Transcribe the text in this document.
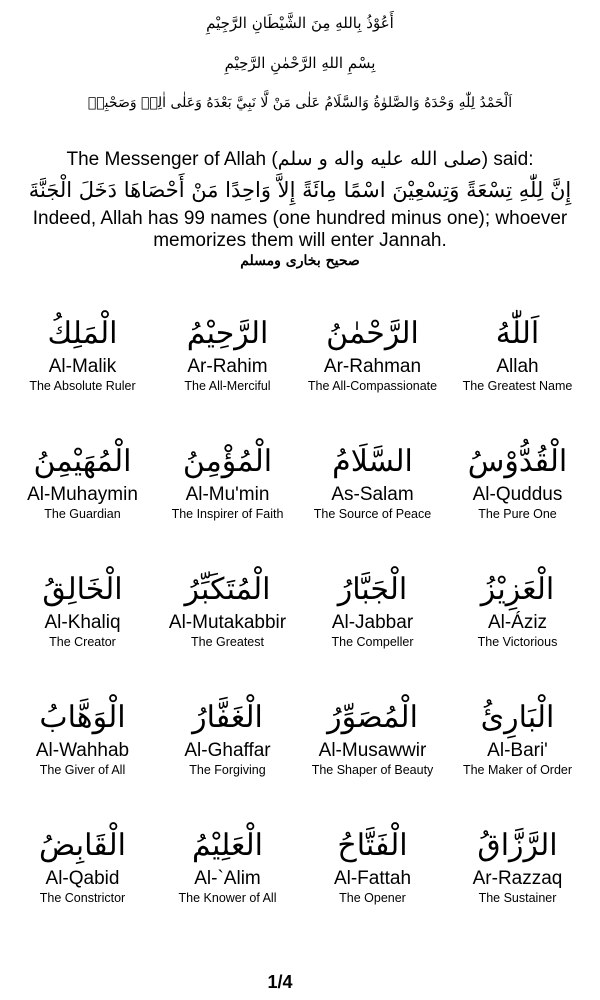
أَعُوْذُ بِاللهِ مِنَ الشَّيْطَانِ الرَّجِيْمِ
بِسْمِ اللهِ الرَّحْمٰنِ الرَّحِيْمِ
اَلْحَمْدُ لِلّٰهِ وَحْدَهُ وَالصَّلوٰةُ وَالسَّلَامُ عَلٰى مَنْ لَّا نَبِيَّ بَعْدَهُ وَعَلٰى اٰلِهٖ وَصَحْبِهٖ
The Messenger of Allah (صلى الله عليه واله و سلم) said:
إِنَّ لِلّٰهِ تِسْعَةً وَتِسْعِيْنَ اسْمًا مِائَةً إِلاَّ وَاحِدًا مَنْ أَحْصَاهَا دَخَلَ الْجَنَّةَ
Indeed, Allah has 99 names (one hundred minus one); whoever memorizes them will enter Jannah.
صحيح بخارى ومسلم
الْمَلِكُ
Al-Malik
The Absolute Ruler
الرَّحِيْمُ
Ar-Rahim
The All-Merciful
الرَّحْمٰنُ
Ar-Rahman
The All-Compassionate
اَللّٰهُ
Allah
The Greatest Name
الْمُهَيْمِنُ
Al-Muhaymin
The Guardian
الْمُؤْمِنُ
Al-Mu'min
The Inspirer of Faith
السَّلَامُ
As-Salam
The Source of Peace
الْقُدُّوْسُ
Al-Quddus
The Pure One
الْخَالِقُ
Al-Khaliq
The Creator
الْمُتَكَبِّرُ
Al-Mutakabbir
The Greatest
الْجَبَّارُ
Al-Jabbar
The Compeller
الْعَزِيْزُ
Al-Áziz
The Victorious
الْوَهَّابُ
Al-Wahhab
The Giver of All
الْغَفَّارُ
Al-Ghaffar
The Forgiving
الْمُصَوِّرُ
Al-Musawwir
The Shaper of Beauty
الْبَارِئُ
Al-Bari'
The Maker of Order
الْقَابِضُ
Al-Qabid
The Constrictor
الْعَلِيْمُ
Al-`Alim
The Knower of All
الْفَتَّاحُ
Al-Fattah
The Opener
الرَّزَّاقُ
Ar-Razzaq
The Sustainer
1/4
